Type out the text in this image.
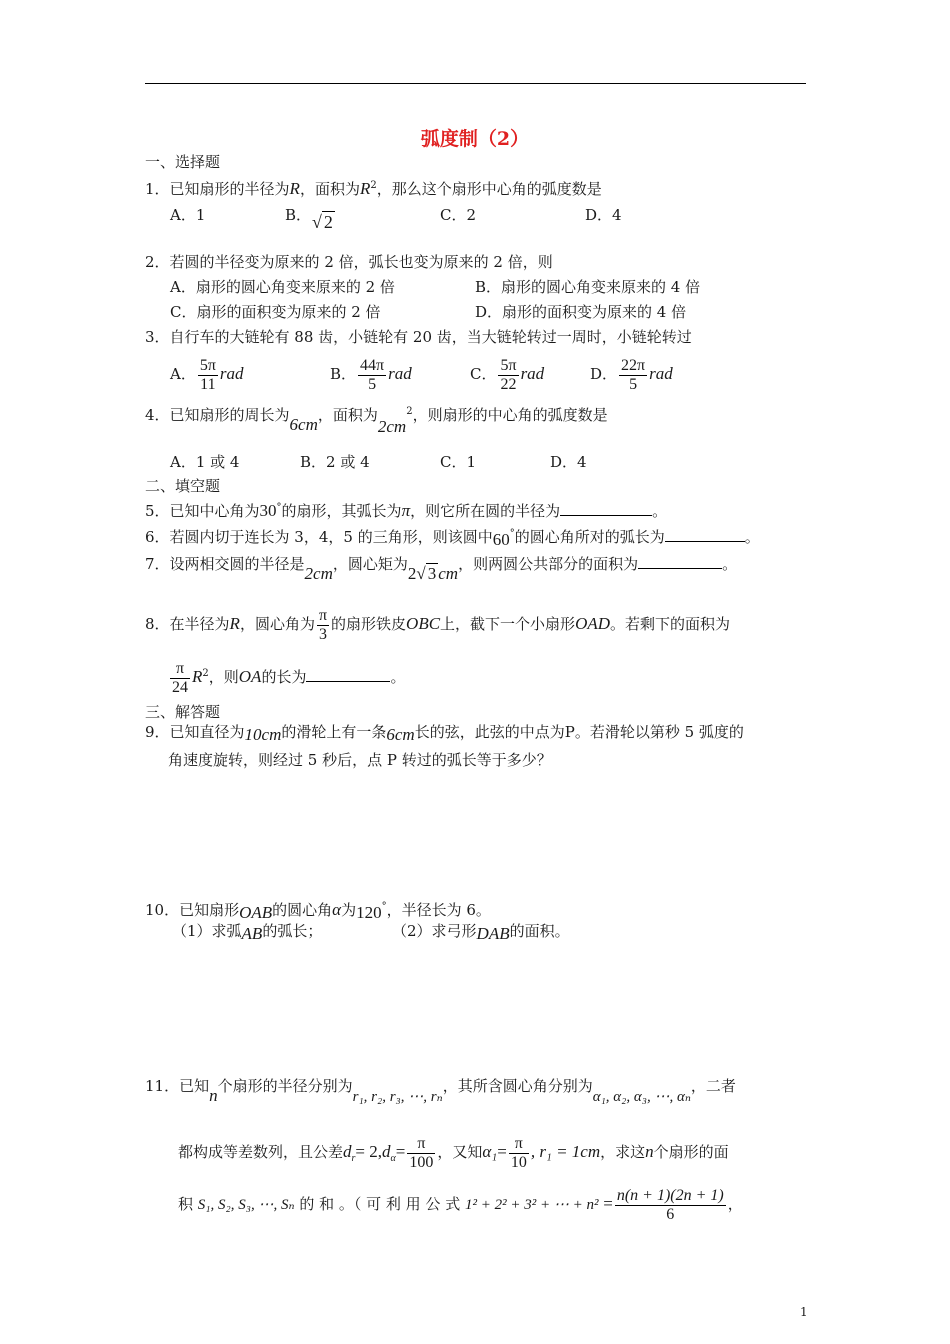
弧度制（2）
一、选择题
1．已知扇形的半径为R，面积为$R^2$，那么这个扇形中心角的弧度数是
A．1	B． √ 2	C．2	D．4
2．若圆的半径变为原来的 2 倍，弧长也变为原来的 2 倍，则
A．扇形的圆心角变来原来的 2 倍	B．扇形的圆心角变来原来的 4 倍
C．扇形的面积变为原来的 2 倍	D．扇形的面积变为原来的 4 倍
3．自行车的大链轮有 88 齿，小链轮有 20 齿，当大链轮转过一周时，小链轮转过
A． $\frac{5\pi}{11}$ rad	B． $\frac{44\pi}{5}$ rad	C． $\frac{5\pi}{22}$ rad	D． $\frac{22\pi}{5}$ rad
4．已知扇形的周长为6cm，面积为$2cm^2$，则扇形的中心角的弧度数是
A．1 或 4	B．2 或 4	C．1	D．4
二、填空题
5．已知中心角为30°的扇形，其弧长为π，则它所在圆的半径为	。
6．若圆内切于连长为 3，4，5 的三角形，则该圆中60°的圆心角所对的弧长为	。
7．设两相交圆的半径是2cm，圆心矩为2√ 3 cm，则两圆公共部分的面积为	。
8．在半径为R，圆心角为 $\frac{\pi}{3}$ 的扇形铁皮OBC上，截下一个小扇形OAD。若剩下的面积为
$\frac{\pi}{24} R^2$，则OA的长为	。
三、解答题
9．已知直径为10cm的滑轮上有一条6cm长的弦，此弦的中点为P。若滑轮以第秒 5 弧度的
角速度旋转，则经过 5 秒后，点 P 转过的弧长等于多少？
10．已知扇形OAB的圆心角α为120°，半径长为 6。
（1）求弧AB的弧长；	（2）求弓形DAB的面积。
11．已知n个扇形的半径分别为r₁, r₂, r₃, ⋯, rₙ，其所含圆心角分别为α₁, α₂, α₃, ⋯, αₙ，二者
都构成等差数列，且公差$d_r= 2,d_\alpha= \frac{\pi}{100}$ ，又知$\alpha_1= \frac{\pi}{10}$ , r₁ = 1cm，求这n个扇形的面
积 S₁, S₂, S₃, ⋯, Sₙ 的 和 。（ 可 利 用 公 式 1² + 2² + 3² + ⋯ + $n^2 = \frac{n(n + 1)(2n + 1)}{6}$ ，
1
